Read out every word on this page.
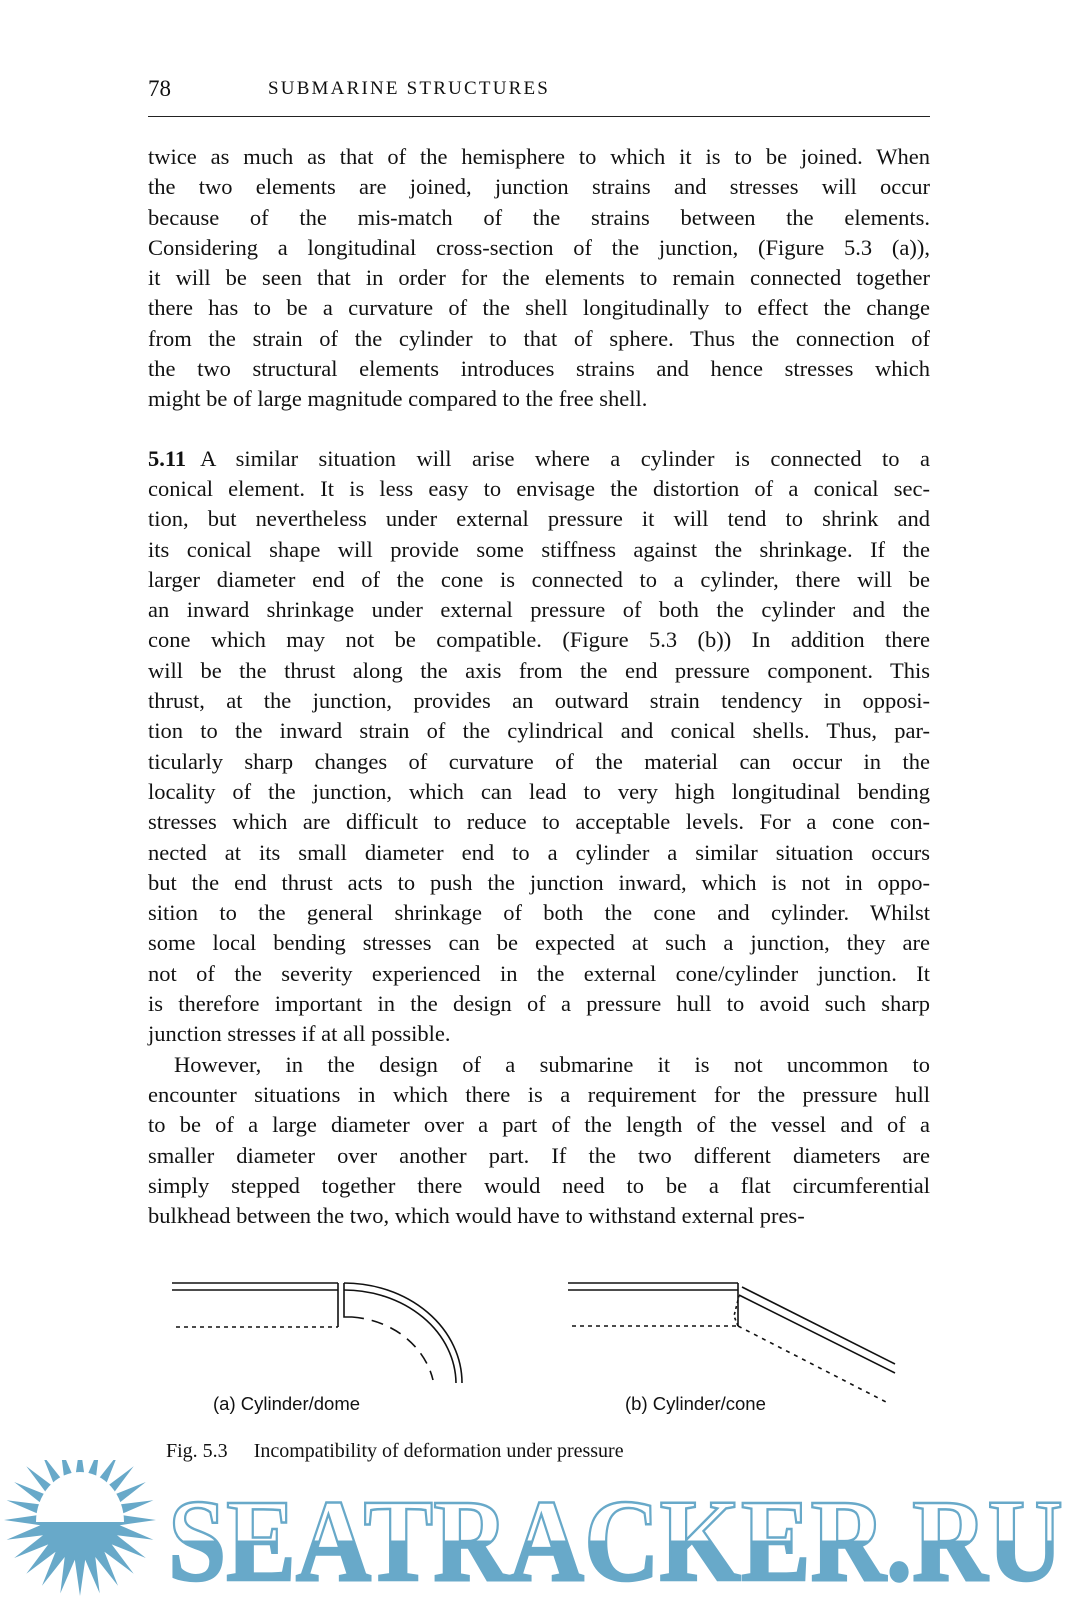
78	SUBMARINE STRUCTURES
twice as much as that of the hemisphere to which it is to be joined. When
the two elements are joined, junction strains and stresses will occur
because of the mis-match of the strains between the elements.
Considering a longitudinal cross-section of the junction, (Figure 5.3 (a)),
it will be seen that in order for the elements to remain connected together
there has to be a curvature of the shell longitudinally to effect the change
from the strain of the cylinder to that of sphere. Thus the connection of
the two structural elements introduces strains and hence stresses which
might be of large magnitude compared to the free shell.
5.11 A similar situation will arise where a cylinder is connected to a
conical element. It is less easy to envisage the distortion of a conical sec-
tion, but nevertheless under external pressure it will tend to shrink and
its conical shape will provide some stiffness against the shrinkage. If the
larger diameter end of the cone is connected to a cylinder, there will be
an inward shrinkage under external pressure of both the cylinder and the
cone which may not be compatible. (Figure 5.3 (b)) In addition there
will be the thrust along the axis from the end pressure component. This
thrust, at the junction, provides an outward strain tendency in opposi-
tion to the inward strain of the cylindrical and conical shells. Thus, par-
ticularly sharp changes of curvature of the material can occur in the
locality of the junction, which can lead to very high longitudinal bending
stresses which are difficult to reduce to acceptable levels. For a cone con-
nected at its small diameter end to a cylinder a similar situation occurs
but the end thrust acts to push the junction inward, which is not in oppo-
sition to the general shrinkage of both the cone and cylinder. Whilst
some local bending stresses can be expected at such a junction, they are
not of the severity experienced in the external cone/cylinder junction. It
is therefore important in the design of a pressure hull to avoid such sharp
junction stresses if at all possible.
However, in the design of a submarine it is not uncommon to
encounter situations in which there is a requirement for the pressure hull
to be of a large diameter over a part of the length of the vessel and of a
smaller diameter over another part. If the two different diameters are
simply stepped together there would need to be a flat circumferential
bulkhead between the two, which would have to withstand external pres-
(a) Cylinder/dome	(b) Cylinder/cone
Fig. 5.3 Incompatibility of deformation under pressure
SEATRACKER.RU
